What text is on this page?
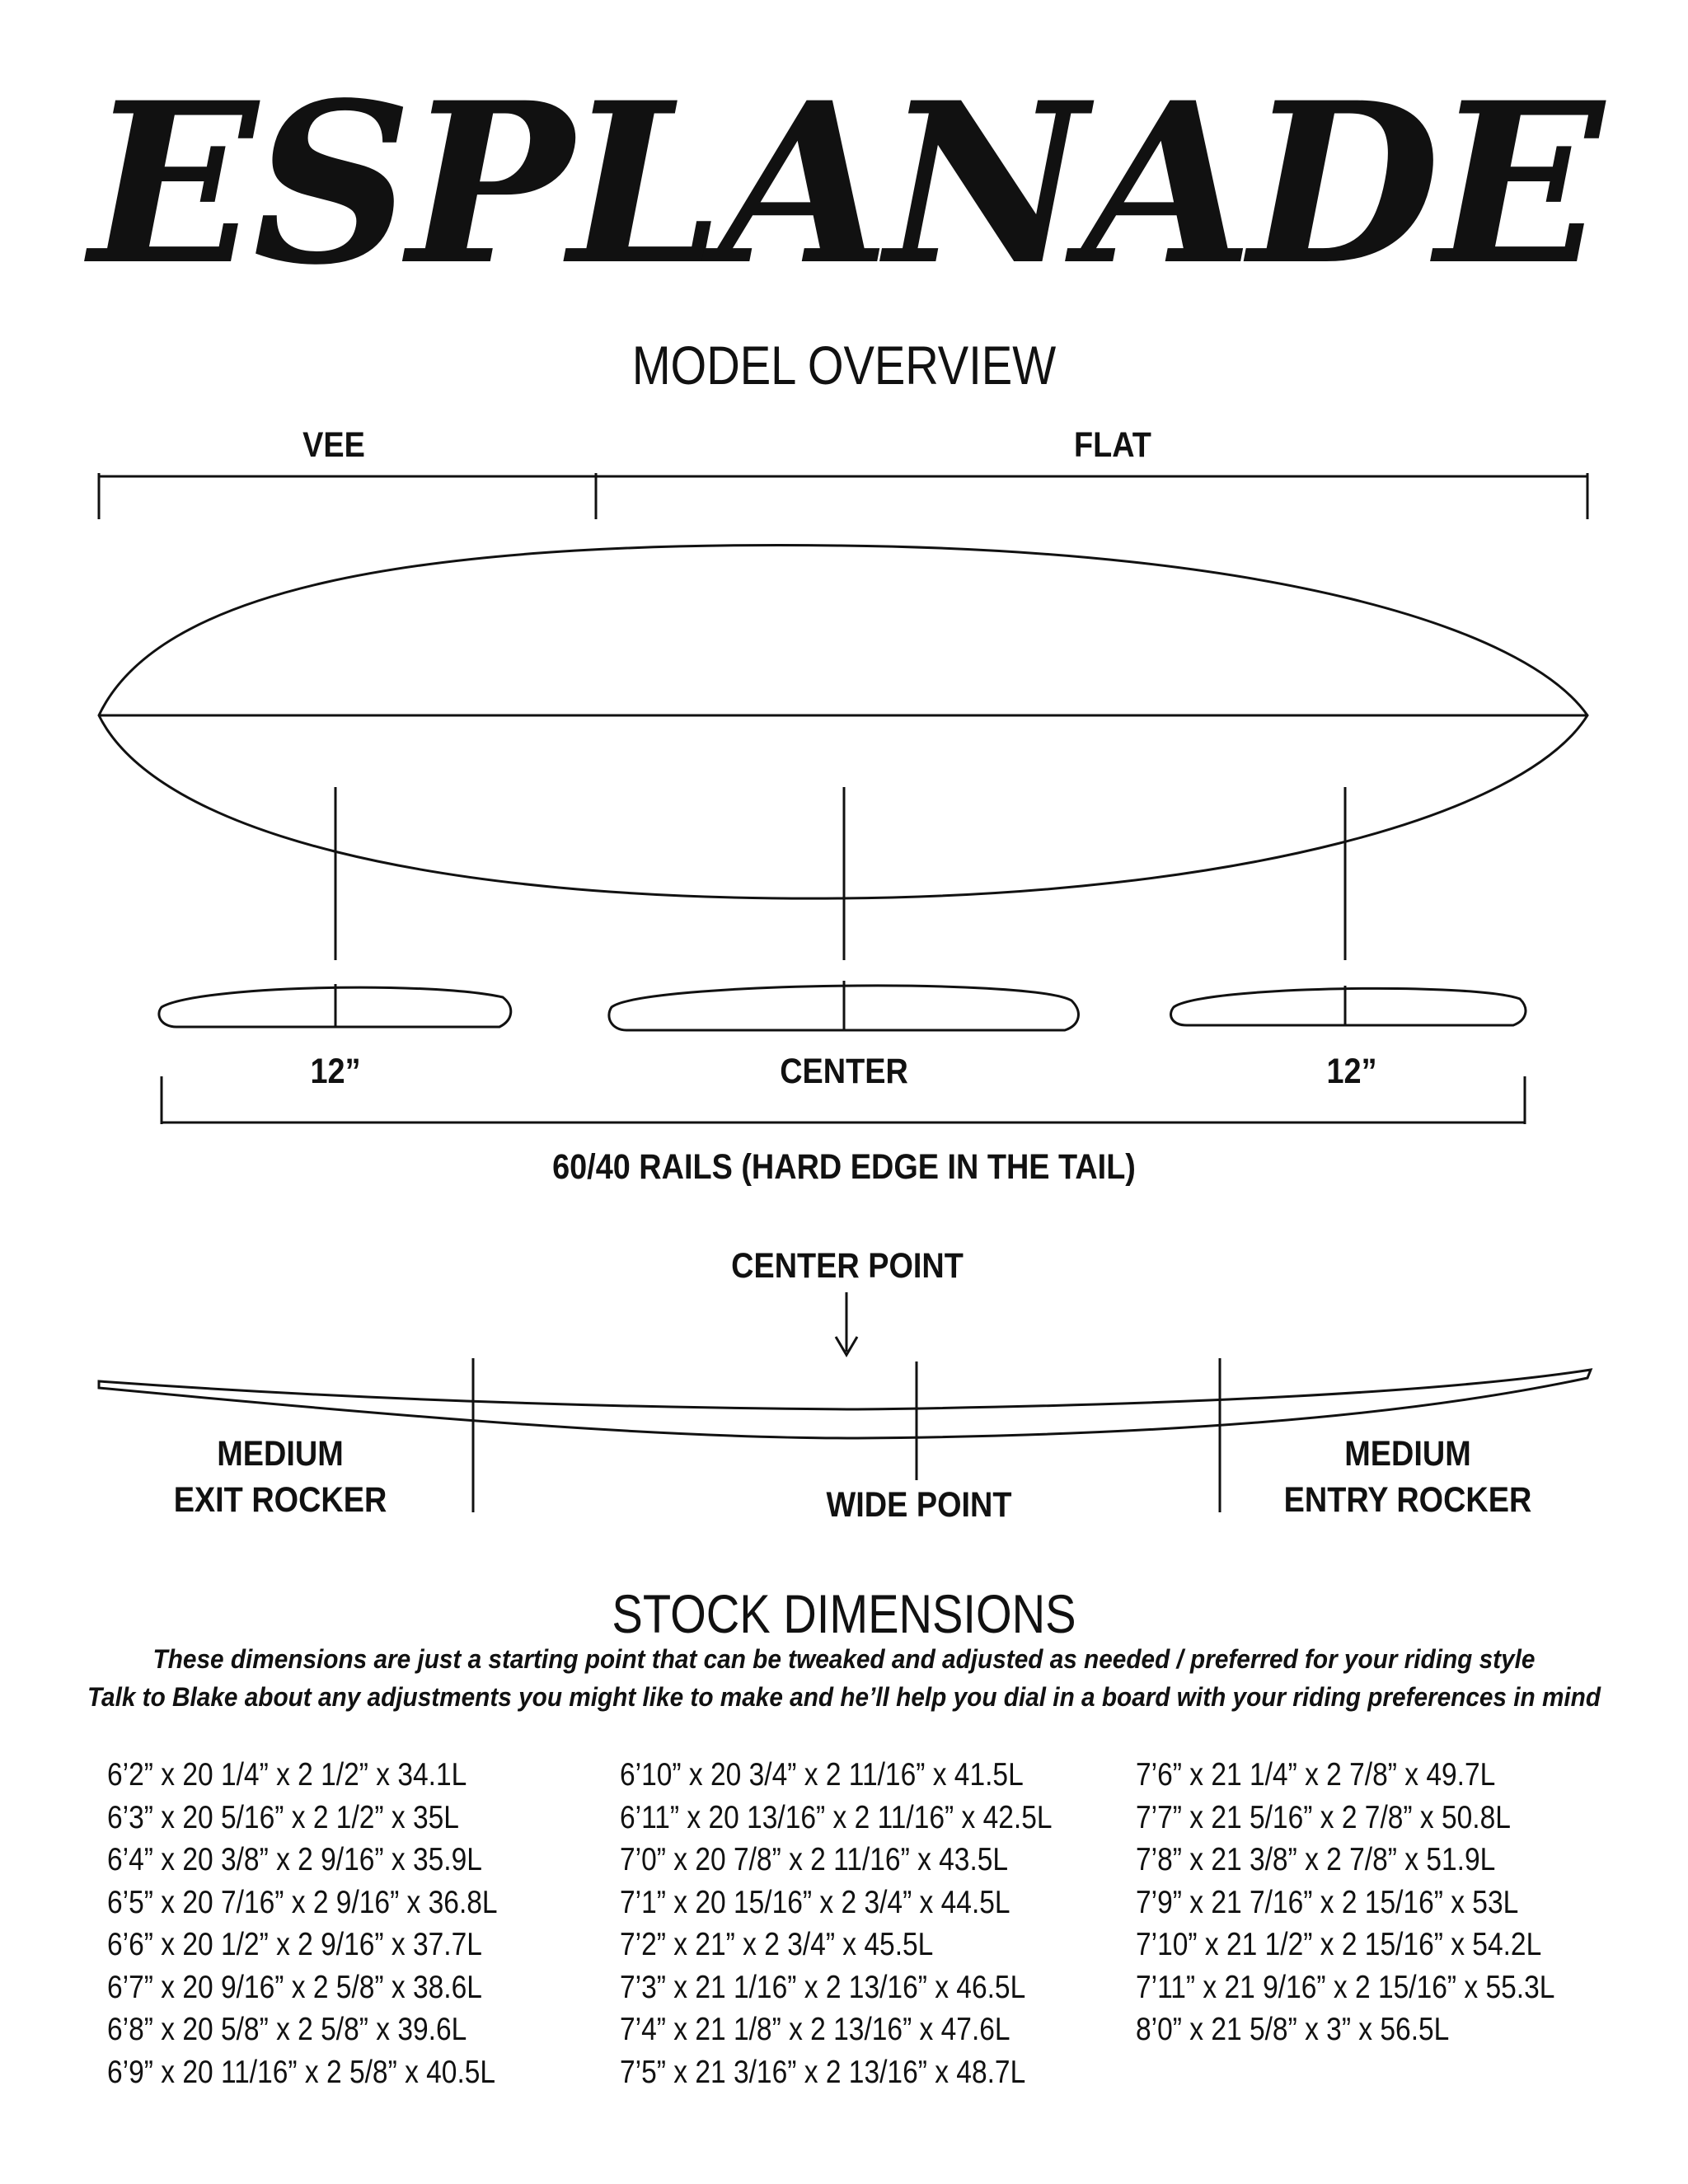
ESPLANADE
MODEL OVERVIEW
VEE	FLAT
12”	CENTER	12”
60/40 RAILS (HARD EDGE IN THE TAIL)
CENTER POINT
MEDIUM
EXIT ROCKER	WIDE POINT
MEDIUM
ENTRY ROCKER
STOCK DIMENSIONS
These dimensions are just a starting point that can be tweaked and adjusted as needed / preferred for your riding style
Talk to Blake about any adjustments you might like to make and he’ll help you dial in a board with your riding preferences in mind
6’2” x 20 1/4” x 2 1/2” x 34.1L
6’3” x 20 5/16” x 2 1/2” x 35L
6’4” x 20 3/8” x 2 9/16” x 35.9L
6’5” x 20 7/16” x 2 9/16” x 36.8L
6’6” x 20 1/2” x 2 9/16” x 37.7L
6’7” x 20 9/16” x 2 5/8” x 38.6L
6’8” x 20 5/8” x 2 5/8” x 39.6L
6’9” x 20 11/16” x 2 5/8” x 40.5L
6’10” x 20 3/4” x 2 11/16” x 41.5L
6’11” x 20 13/16” x 2 11/16” x 42.5L
7’0” x 20 7/8” x 2 11/16” x 43.5L
7’1” x 20 15/16” x 2 3/4” x 44.5L
7’2” x 21” x 2 3/4” x 45.5L
7’3” x 21 1/16” x 2 13/16” x 46.5L
7’4” x 21 1/8” x 2 13/16” x 47.6L
7’5” x 21 3/16” x 2 13/16” x 48.7L
7’6” x 21 1/4” x 2 7/8” x 49.7L
7’7” x 21 5/16” x 2 7/8” x 50.8L
7’8” x 21 3/8” x 2 7/8” x 51.9L
7’9” x 21 7/16” x 2 15/16” x 53L
7’10” x 21 1/2” x 2 15/16” x 54.2L
7’11” x 21 9/16” x 2 15/16” x 55.3L
8’0” x 21 5/8” x 3” x 56.5L
